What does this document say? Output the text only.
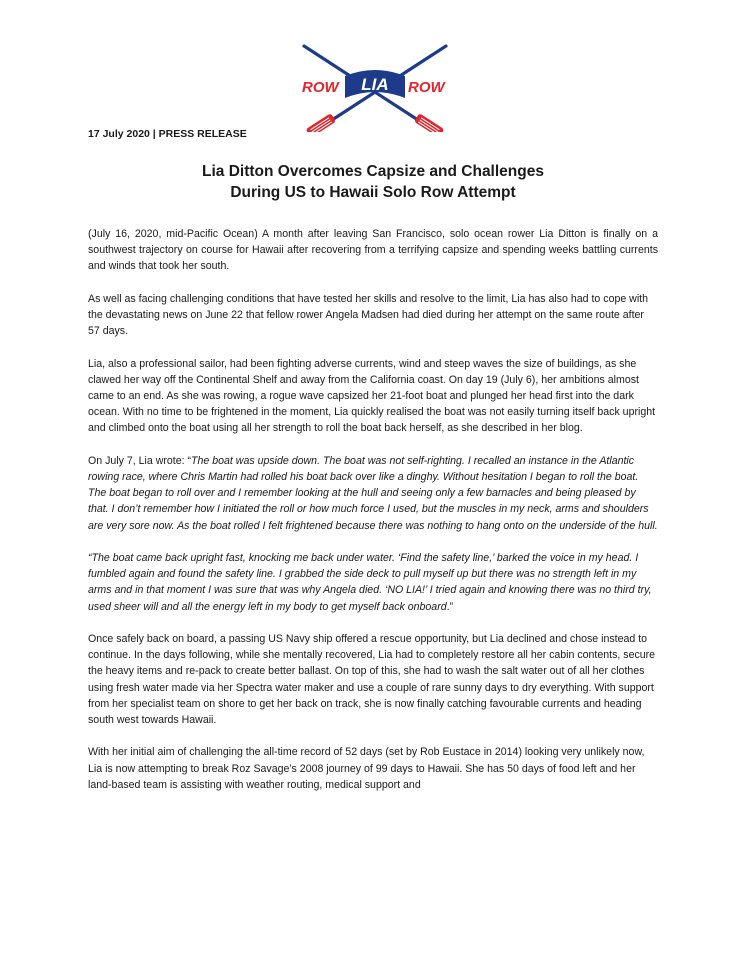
ROW LIA ROW
17 July 2020 | PRESS RELEASE
Lia Ditton Overcomes Capsize and Challenges
During US to Hawaii Solo Row Attempt

(July 16, 2020, mid-Pacific Ocean) A month after leaving San Francisco, solo ocean rower Lia Ditton is finally on a southwest trajectory on course for Hawaii after recovering from a terrifying capsize and spending weeks battling currents and winds that took her south.

As well as facing challenging conditions that have tested her skills and resolve to the limit, Lia has also had to cope with the devastating news on June 22 that fellow rower Angela Madsen had died during her attempt on the same route after 57 days.

Lia, also a professional sailor, had been fighting adverse currents, wind and steep waves the size of buildings, as she clawed her way off the Continental Shelf and away from the California coast. On day 19 (July 6), her ambitions almost came to an end. As she was rowing, a rogue wave capsized her 21-foot boat and plunged her head first into the dark ocean. With no time to be frightened in the moment, Lia quickly realised the boat was not easily turning itself back upright and climbed onto the boat using all her strength to roll the boat back herself, as she described in her blog.

On July 7, Lia wrote: “The boat was upside down. The boat was not self-righting. I recalled an instance in the Atlantic rowing race, where Chris Martin had rolled his boat back over like a dinghy. Without hesitation I began to roll the boat. The boat began to roll over and I remember looking at the hull and seeing only a few barnacles and being pleased by that. I don’t remember how I initiated the roll or how much force I used, but the muscles in my neck, arms and shoulders are very sore now. As the boat rolled I felt frightened because there was nothing to hang onto on the underside of the hull.

“The boat came back upright fast, knocking me back under water. ‘Find the safety line,’ barked the voice in my head. I fumbled again and found the safety line. I grabbed the side deck to pull myself up but there was no strength left in my arms and in that moment I was sure that was why Angela died. ‘NO LIA!’ I tried again and knowing there was no third try, used sheer will and all the energy left in my body to get myself back onboard.”

Once safely back on board, a passing US Navy ship offered a rescue opportunity, but Lia declined and chose instead to continue. In the days following, while she mentally recovered, Lia had to completely restore all her cabin contents, secure the heavy items and re-pack to create better ballast. On top of this, she had to wash the salt water out of all her clothes using fresh water made via her Spectra water maker and use a couple of rare sunny days to dry everything. With support from her specialist team on shore to get her back on track, she is now finally catching favourable currents and heading south west towards Hawaii.

With her initial aim of challenging the all-time record of 52 days (set by Rob Eustace in 2014) looking very unlikely now, Lia is now attempting to break Roz Savage’s 2008 journey of 99 days to Hawaii. She has 50 days of food left and her land-based team is assisting with weather routing, medical support and
